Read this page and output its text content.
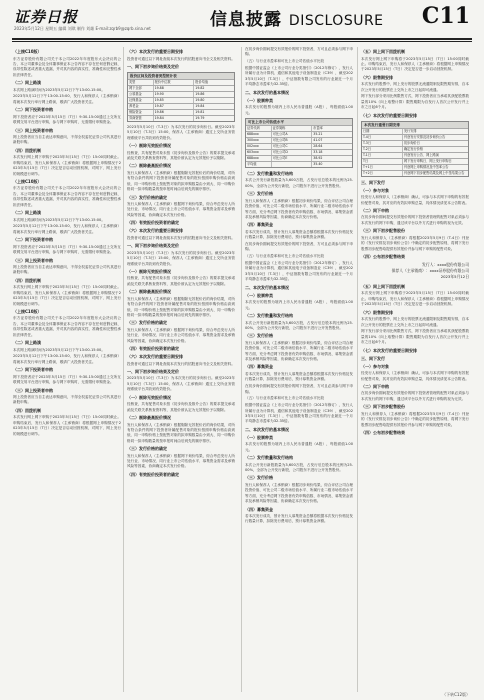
证券日报
2023年5月12日 星期五 编辑 刘琪 制作 刘雄 E-mail:zqrb9@zqrb.sina.net	信息披露 DISCLOSURE C11

（上接C10版）

东方证券股份有限公司关于本公司2022年年度股东大会决议的公告，本公司董事会及全体董事保证本公告内容不存在任何虚假记载、误导性陈述或者重大遗漏，并对其内容的真实性、准确性和完整性承担法律责任。

（二）网上路演

本次网上路演时间为2023年5月12日下午13:00-15:00。

2023年5月12日下午13:00-15:00，发行人和保荐人（主承销商）将就本次发行举行网上路演，敬请广大投资者关注。

（二）网下投资者申购

网下投资者应于2023年5月15日（T日）9:30-15:00通过上交所互联网交易平台进行申购，参与网下申购时，无需缴付申购资金。

（三）网上投资者申购

网上投资者应当自主表达申购意向，不得全权委托证券公司代其进行新股申购。

（四）回拨机制

本次发行网上网下申购于2023年5月15日（T日）15:00同时截止。申购结束后，发行人和保荐人（主承销商）将根据网上申购情况于2023年5月15日（T日）决定是否启动回拨机制，对网下、网上发行的规模进行调节。

（上接C10版）

东方证券股份有限公司关于本公司2022年年度股东大会决议的公告，本公司董事会及全体董事保证本公告内容不存在任何虚假记载、误导性陈述或者重大遗漏，并对其内容的真实性、准确性和完整性承担法律责任。

（二）网上路演

本次网上路演时间为2023年5月12日下午13:00-15:00。

2023年5月12日下午13:00-15:00，发行人和保荐人（主承销商）将就本次发行举行网上路演，敬请广大投资者关注。

（二）网下投资者申购

网下投资者应于2023年5月15日（T日）9:30-15:00通过上交所互联网交易平台进行申购，参与网下申购时，无需缴付申购资金。

（三）网上投资者申购

网上投资者应当自主表达申购意向，不得全权委托证券公司代其进行新股申购。

（四）回拨机制

本次发行网上网下申购于2023年5月15日（T日）15:00同时截止。申购结束后，发行人和保荐人（主承销商）将根据网上申购情况于2023年5月15日（T日）决定是否启动回拨机制，对网下、网上发行的规模进行调节。

（上接C10版）

东方证券股份有限公司关于本公司2022年年度股东大会决议的公告，本公司董事会及全体董事保证本公告内容不存在任何虚假记载、误导性陈述或者重大遗漏，并对其内容的真实性、准确性和完整性承担法律责任。

（二）网上路演

本次网上路演时间为2023年5月12日下午13:00-15:00。

2023年5月12日下午13:00-15:00，发行人和保荐人（主承销商）将就本次发行举行网上路演，敬请广大投资者关注。

（二）网下投资者申购

网下投资者应于2023年5月15日（T日）9:30-15:00通过上交所互联网交易平台进行申购，参与网下申购时，无需缴付申购资金。

（三）网上投资者申购

网上投资者应当自主表达申购意向，不得全权委托证券公司代其进行新股申购。

（四）回拨机制

本次发行网上网下申购于2023年5月15日（T日）15:00同时截止。申购结束后，发行人和保荐人（主承销商）将根据网上申购情况于2023年5月15日（T日）决定是否启动回拨机制，对网下、网上发行的规模进行调节。

（六）本次发行的重要日期安排

投资者可通过以下网址查阅本次发行的招股意向书全文及相关资料。

一、网下初步询价结果及定价

报价区间及投资者类型统计表
类型	报价中位数	报价均值
网下全部	19.88	19.82
公募基金	19.90	19.86
社保基金	19.85	19.80
养老金	19.87	19.84
保险资金	19.86	19.81
券商资管	19.84	19.79

2023年5月10日（T-3日）为本次发行的初步询价日。截至2023年5月10日（T-3日）15:00，保荐人（主承销商）通过上交所业务管理系统平台共收到有效报价。

（一）剔除无效报价情况

经核查，共有配售对象未按《初步询价及推介公告》的要求提交承诺函及关联关系核查资料等，其报价被认定为无效报价予以剔除。

（二）剔除最高报价情况

发行人和保荐人（主承销商）根据剔除无效报价后的询价结果，对所有符合条件的网下投资者所属配售对象的报价按照申购价格由高到低、同一申购价格上按配售对象的拟申购数量由小到大、同一申购价格同一拟申购数量的按申报时间由后到先的顺序排序。

（三）发行价格的确定

发行人和保荐人（主承销商）根据网下询价结果，综合考虑发行人所处行业、市场情况、同行业上市公司估值水平、募集资金需求及承销风险等因素，协商确定本次发行价格。

（四）有效报价投资者的确定

（六）本次发行的重要日期安排

投资者可通过以下网址查阅本次发行的招股意向书全文及相关资料。

一、网下初步询价结果及定价

2023年5月10日（T-3日）为本次发行的初步询价日。截至2023年5月10日（T-3日）15:00，保荐人（主承销商）通过上交所业务管理系统平台共收到有效报价。

（一）剔除无效报价情况

经核查，共有配售对象未按《初步询价及推介公告》的要求提交承诺函及关联关系核查资料等，其报价被认定为无效报价予以剔除。

（二）剔除最高报价情况

发行人和保荐人（主承销商）根据剔除无效报价后的询价结果，对所有符合条件的网下投资者所属配售对象的报价按照申购价格由高到低、同一申购价格上按配售对象的拟申购数量由小到大、同一申购价格同一拟申购数量的按申报时间由后到先的顺序排序。

（三）发行价格的确定

发行人和保荐人（主承销商）根据网下询价结果，综合考虑发行人所处行业、市场情况、同行业上市公司估值水平、募集资金需求及承销风险等因素，协商确定本次发行价格。

（四）有效报价投资者的确定

（六）本次发行的重要日期安排

投资者可通过以下网址查阅本次发行的招股意向书全文及相关资料。

一、网下初步询价结果及定价

2023年5月10日（T-3日）为本次发行的初步询价日。截至2023年5月10日（T-3日）15:00，保荐人（主承销商）通过上交所业务管理系统平台共收到有效报价。

（一）剔除无效报价情况

经核查，共有配售对象未按《初步询价及推介公告》的要求提交承诺函及关联关系核查资料等，其报价被认定为无效报价予以剔除。

（二）剔除最高报价情况

发行人和保荐人（主承销商）根据剔除无效报价后的询价结果，对所有符合条件的网下投资者所属配售对象的报价按照申购价格由高到低、同一申购价格上按配售对象的拟申购数量由小到大、同一申购价格同一拟申购数量的按申报时间由后到先的顺序排序。

（三）发行价格的确定

发行人和保荐人（主承销商）根据网下询价结果，综合考虑发行人所处行业、市场情况、同行业上市公司估值水平、募集资金需求及承销风险等因素，协商确定本次发行价格。

（四）有效报价投资者的确定

在初步询价期间提交有效报价的网下投资者，方可且必须参与网下申购。

（五）与行业市盈率和可比上市公司估值水平比较

根据中国证监会《上市公司行业分类指引》（2012年修订），发行人所属行业为计算机、通信和其他电子设备制造业（C39），截至2023年5月10日（T-3日），中证指数有限公司发布的行业最近一个月平均静态市盈率为32.35倍。

二、本次发行的基本情况

（一）股票种类

本次发行的股票为境内上市人民币普通股（A股），每股面值1.00元。

可比上市公司估值水平
证券代码	证券简称	市盈率
688xxx	可比公司A	35.21
300xxx	可比公司B	41.07
002xxx	可比公司C	28.64
603xxx	可比公司D	33.18
688xxx	可比公司E	38.92
平均值	35.40

（二）发行数量和发行结构

本次公开发行新股数量为3,600万股，占发行后总股本的比例为25.00%，全部为公开发行新股，公司股东不进行公开发售股份。

（三）发行价格

发行人和保荐人（主承销商）根据初步询价结果，综合评估公司合理投资价值、可比公司二级市场估值水平、所属行业二级市场估值水平等方面，充分考虑网下投资者有效申购倍数、市场情况、募集资金需求及承销风险等因素，协商确定本次发行价格。

（四）募集资金

若本次发行成功，预计发行人募集资金总额将根据本次发行价格及发行数量计算，扣除发行费用后，预计募集资金净额。

在初步询价期间提交有效报价的网下投资者，方可且必须参与网下申购。

（五）与行业市盈率和可比上市公司估值水平比较

根据中国证监会《上市公司行业分类指引》（2012年修订），发行人所属行业为计算机、通信和其他电子设备制造业（C39），截至2023年5月10日（T-3日），中证指数有限公司发布的行业最近一个月平均静态市盈率为32.35倍。

二、本次发行的基本情况

（一）股票种类

本次发行的股票为境内上市人民币普通股（A股），每股面值1.00元。

（二）发行数量和发行结构

本次公开发行新股数量为3,600万股，占发行后总股本的比例为25.00%，全部为公开发行新股，公司股东不进行公开发售股份。

（三）发行价格

发行人和保荐人（主承销商）根据初步询价结果，综合评估公司合理投资价值、可比公司二级市场估值水平、所属行业二级市场估值水平等方面，充分考虑网下投资者有效申购倍数、市场情况、募集资金需求及承销风险等因素，协商确定本次发行价格。

（四）募集资金

若本次发行成功，预计发行人募集资金总额将根据本次发行价格及发行数量计算，扣除发行费用后，预计募集资金净额。

在初步询价期间提交有效报价的网下投资者，方可且必须参与网下申购。

（五）与行业市盈率和可比上市公司估值水平比较

根据中国证监会《上市公司行业分类指引》（2012年修订），发行人所属行业为计算机、通信和其他电子设备制造业（C39），截至2023年5月10日（T-3日），中证指数有限公司发布的行业最近一个月平均静态市盈率为32.35倍。

二、本次发行的基本情况

（一）股票种类

本次发行的股票为境内上市人民币普通股（A股），每股面值1.00元。

（二）发行数量和发行结构

本次公开发行新股数量为3,600万股，占发行后总股本的比例为25.00%，全部为公开发行新股，公司股东不进行公开发售股份。

（三）发行价格

发行人和保荐人（主承销商）根据初步询价结果，综合评估公司合理投资价值、可比公司二级市场估值水平、所属行业二级市场估值水平等方面，充分考虑网下投资者有效申购倍数、市场情况、募集资金需求及承销风险等因素，协商确定本次发行价格。

（四）募集资金

若本次发行成功，预计发行人募集资金总额将根据本次发行价格及发行数量计算，扣除发行费用后，预计募集资金净额。

（五）网上网下回拨机制

本次发行网上网下申购将于2023年5月15日（T日）15:00同时截止。申购结束后，发行人和保荐人（主承销商）将根据网上申购情况于2023年5月15日（T日）决定是否进一步启动回拨机制。

（六）限售期安排

本次发行的股票中，网上发行的股票无流通限制及限售期安排，自本次公开发行的股票在上交所上市之日起即可流通。

网下发行部分采用比例限售方式，网下投资者应当承诺其获配股票数量的10%（向上取整计算）限售期限为自发行人首次公开发行并上市之日起6个月。

（七）本次发行的重要日期安排

本次发行重要日期安排
日期	发行安排
T-4日	刊登发行安排及初步询价公告
T-3日	初步询价日
T-2日	确定发行价格
T-1日	刊登发行公告、网上路演
T日	网下发行申购日、网上发行申购日
T+1日	刊登网上申购情况及中签率公告
T+2日	刊登网下初步配售结果及网上中签结果公告

三、网下发行

（一）参与对象

经发行人和保荐人（主承销商）确认，可参与本次网下申购的有效报价配售对象，其对应的有效拟申购总量，具体情况请见本公告附表。

（二）网下申购

在初步询价期间提交有效报价的网下投资者管理的配售对象必须参与本次发行的网下申购，通过该平台以外方式进行申购的视为无效。

（三）网下初步配售股份

发行人和保荐人（主承销商）将根据2023年5月9日（T-4日）刊登的《发行安排及初步询价公告》中确定的初步配售原则，将网下发行股票初步配售给提供有效报价并参与网下申购的配售对象。

（四）公布初步配售结果

发行人：xxxx股份有限公司
保荐人（主承销商）：xxxx证券股份有限公司
2023年5月12日

（五）网上网下回拨机制

本次发行网上网下申购将于2023年5月15日（T日）15:00同时截止。申购结束后，发行人和保荐人（主承销商）将根据网上申购情况于2023年5月15日（T日）决定是否进一步启动回拨机制。

（六）限售期安排

本次发行的股票中，网上发行的股票无流通限制及限售期安排，自本次公开发行的股票在上交所上市之日起即可流通。

网下发行部分采用比例限售方式，网下投资者应当承诺其获配股票数量的10%（向上取整计算）限售期限为自发行人首次公开发行并上市之日起6个月。

（七）本次发行的重要日期安排

三、网下发行

（一）参与对象

经发行人和保荐人（主承销商）确认，可参与本次网下申购的有效报价配售对象，其对应的有效拟申购总量，具体情况请见本公告附表。

（二）网下申购

在初步询价期间提交有效报价的网下投资者管理的配售对象必须参与本次发行的网下申购，通过该平台以外方式进行申购的视为无效。

（三）网下初步配售股份

发行人和保荐人（主承销商）将根据2023年5月9日（T-4日）刊登的《发行安排及初步询价公告》中确定的初步配售原则，将网下发行股票初步配售给提供有效报价并参与网下申购的配售对象。

（四）公布初步配售结果

（下转C12版）
